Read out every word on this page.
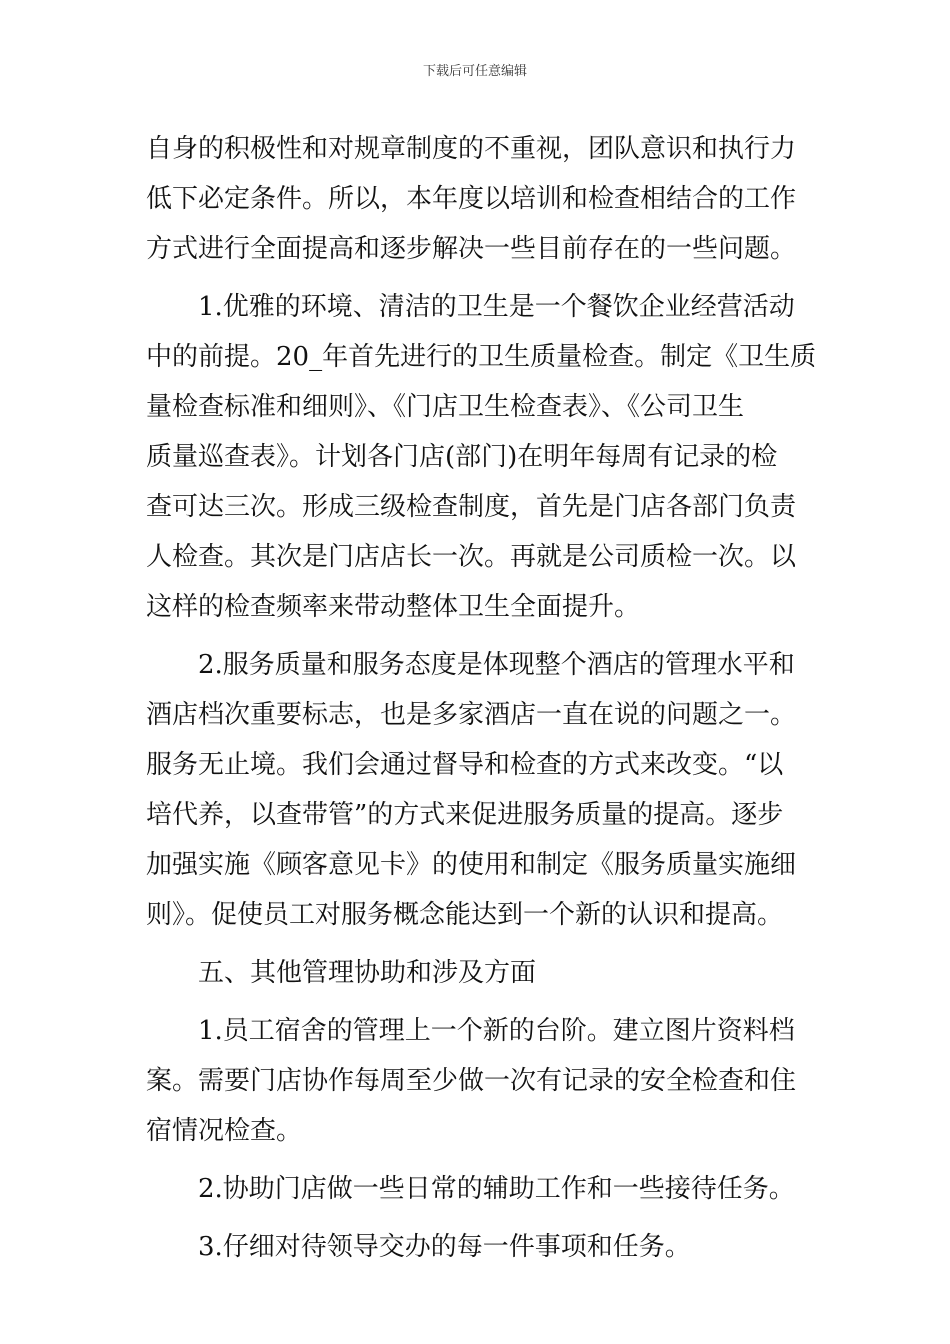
下载后可任意编辑
自身的积极性和对规章制度的不重视，团队意识和执行力
低下必定条件。所以，本年度以培训和检查相结合的工作
方式进行全面提高和逐步解决一些目前存在的一些问题。
1.优雅的环境、清洁的卫生是一个餐饮企业经营活动
中的前提。20_年首先进行的卫生质量检查。制定《卫生质
量检查标准和细则》、《门店卫生检查表》、《公司卫生
质量巡查表》。计划各门店(部门)在明年每周有记录的检
查可达三次。形成三级检查制度，首先是门店各部门负责
人检查。其次是门店店长一次。再就是公司质检一次。以
这样的检查频率来带动整体卫生全面提升。
2.服务质量和服务态度是体现整个酒店的管理水平和
酒店档次重要标志，也是多家酒店一直在说的问题之一。
服务无止境。我们会通过督导和检查的方式来改变。“以
培代养，以查带管”的方式来促进服务质量的提高。逐步
加强实施《顾客意见卡》的使用和制定《服务质量实施细
则》。促使员工对服务概念能达到一个新的认识和提高。
五、其他管理协助和涉及方面
1.员工宿舍的管理上一个新的台阶。建立图片资料档
案。需要门店协作每周至少做一次有记录的安全检查和住
宿情况检查。
2.协助门店做一些日常的辅助工作和一些接待任务。
3.仔细对待领导交办的每一件事项和任务。
